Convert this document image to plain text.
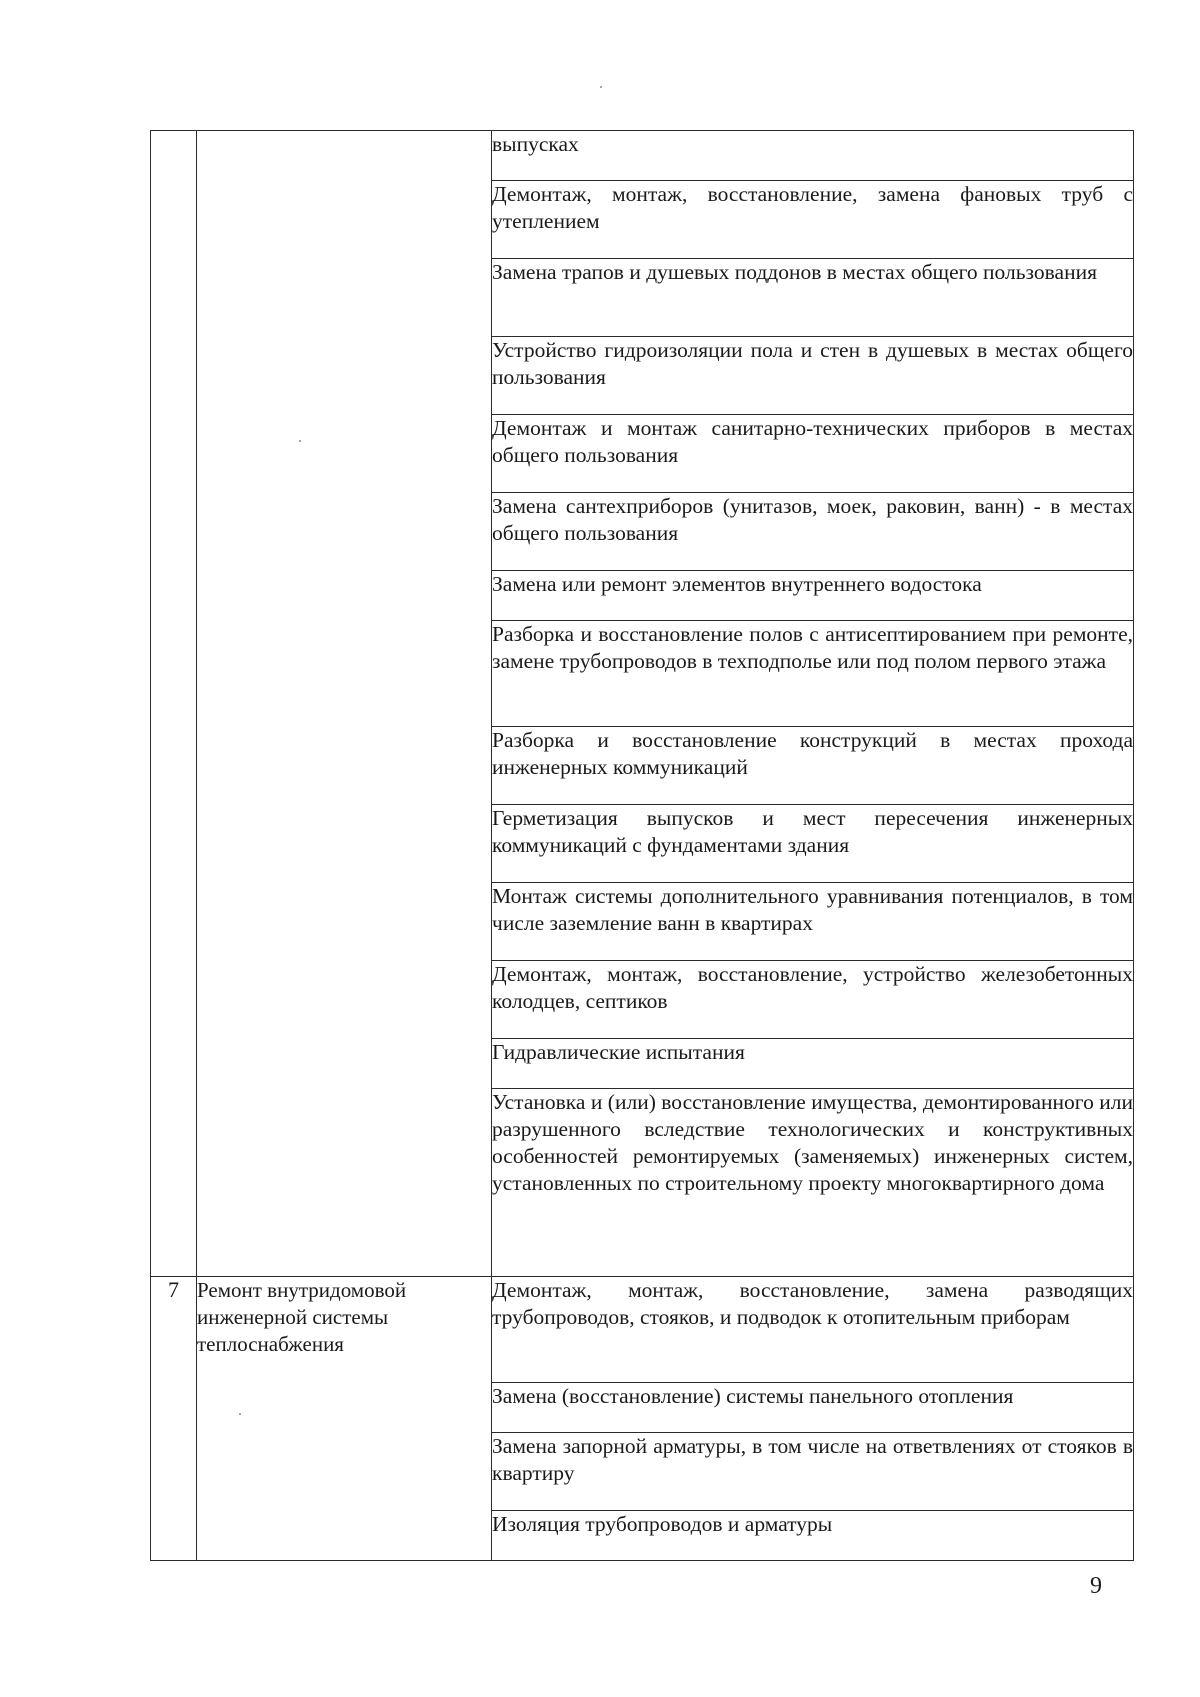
		выпусках
		Демонтаж, монтаж, восстановление, замена фановых труб с утеплением
		Замена трапов и душевых поддонов в местах общего пользования
		Устройство гидроизоляции пола и стен в душевых в местах общего пользования
		Демонтаж и монтаж санитарно-технических приборов в местах общего пользования
		Замена сантехприборов (унитазов, моек, раковин, ванн) - в местах общего пользования
		Замена или ремонт элементов внутреннего водостока
		Разборка и восстановление полов с антисептированием при ремонте, замене трубопроводов в техподполье или под полом первого этажа
		Разборка и восстановление конструкций в местах прохода инженерных коммуникаций
		Герметизация выпусков и мест пересечения инженерных коммуникаций с фундаментами здания
		Монтаж системы дополнительного уравнивания потенциалов, в том числе заземление ванн в квартирах
		Демонтаж, монтаж, восстановление, устройство железобетонных колодцев, септиков
		Гидравлические испытания
		Установка и (или) восстановление имущества, демонтированного или разрушенного вследствие технологических и конструктивных особенностей ремонтируемых (заменяемых) инженерных систем, установленных по строительному проекту многоквартирного дома
7	Ремонт внутридомовой инженерной системы теплоснабжения	Демонтаж, монтаж, восстановление, замена разводящих трубопроводов, стояков, и подводок к отопительным приборам
		Замена (восстановление) системы панельного отопления
		Замена запорной арматуры, в том числе на ответвлениях от стояков в квартиру
		Изоляция трубопроводов и арматуры
9
